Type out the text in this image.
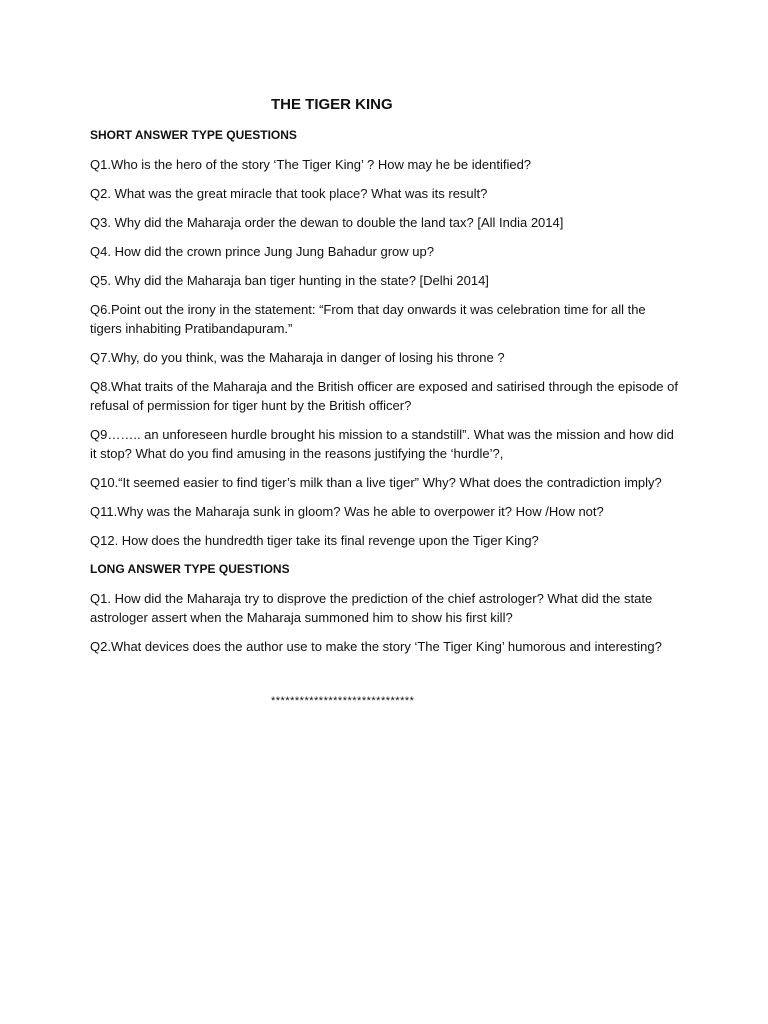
THE TIGER KING
SHORT ANSWER TYPE QUESTIONS
Q1.Who is the hero of the story ‘The Tiger King’ ? How may he be identified?
Q2. What was the great miracle that took place? What was its result?
Q3. Why did the Maharaja order the dewan to double the land tax? [All India 2014]
Q4. How did the crown prince Jung Jung Bahadur grow up?
Q5. Why did the Maharaja ban tiger hunting in the state? [Delhi 2014]
Q6.Point out the irony in the statement: “From that day onwards it was celebration time for all the tigers inhabiting Pratibandapuram.”
Q7.Why, do you think, was the Maharaja in danger of losing his throne ?
Q8.What traits of the Maharaja and the British officer are exposed and satirised through the episode of refusal of permission for tiger hunt by the British officer?
Q9…….. an unforeseen hurdle brought his mission to a standstill”. What was the mission and how did it stop? What do you find amusing in the reasons justifying the ‘hurdle’?,
Q10.“It seemed easier to find tiger’s milk than a live tiger” Why? What does the contradiction imply?
Q11.Why was the Maharaja sunk in gloom? Was he able to overpower it? How /How not?
Q12. How does the hundredth tiger take its final revenge upon the Tiger King?
LONG ANSWER TYPE QUESTIONS
Q1. How did the Maharaja try to disprove the prediction of the chief astrologer? What did the state astrologer assert when the Maharaja summoned him to show his first kill?
Q2.What devices does the author use to make the story ‘The Tiger King’ humorous and interesting?
******************************
